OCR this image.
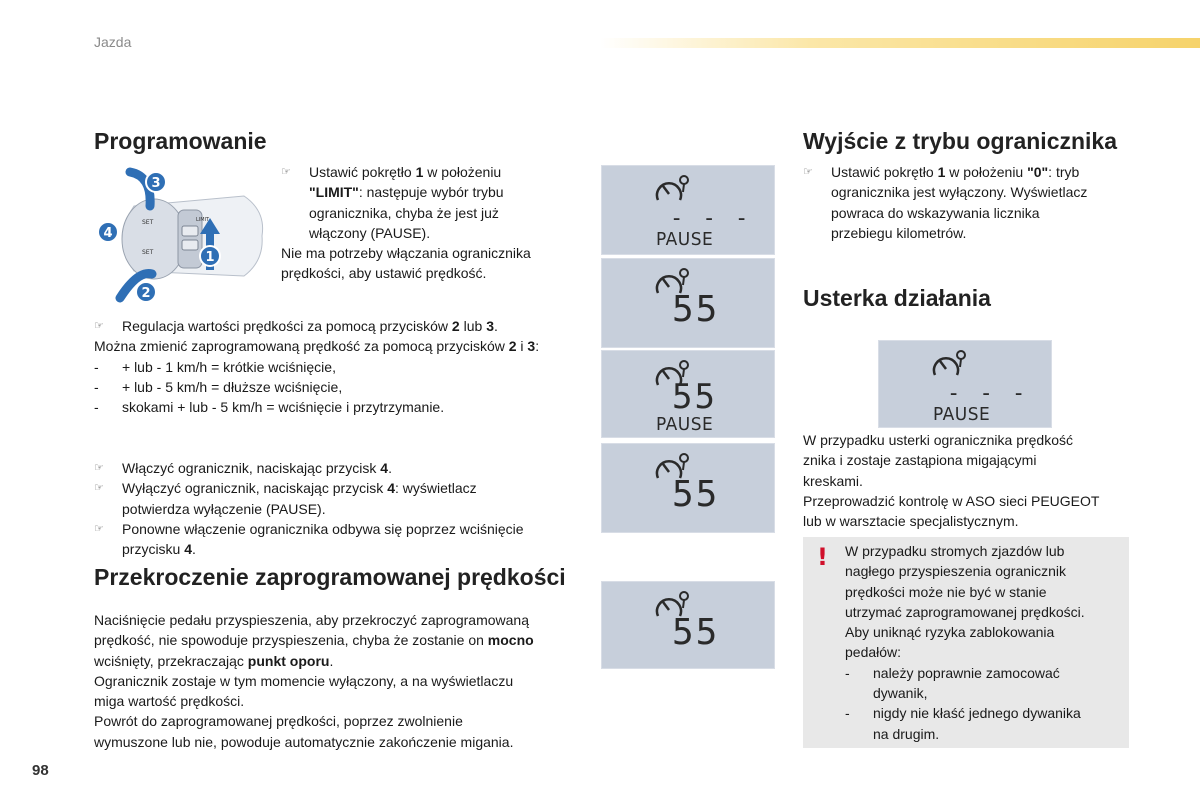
Jazda
Programowanie
SET
SET
LIMIT
3
4
2
1
☞ Ustawić pokrętło 1 w położeniu
"LIMIT": następuje wybór trybu
ogranicznika, chyba że jest już
włączony (PAUSE).

Nie ma potrzeby włączania ogranicznika
prędkości, aby ustawić prędkość.

☞ Regulacja wartości prędkości za pomocą przycisków 2 lub 3.

Można zmienić zaprogramowaną prędkość za pomocą przycisków 2 i 3:

- + lub - 1 km/h = krótkie wciśnięcie,
- + lub - 5 km/h = dłuższe wciśnięcie,
- skokami + lub - 5 km/h = wciśnięcie i przytrzymanie.
☞ Włączyć ogranicznik, naciskając przycisk 4.
☞ Wyłączyć ogranicznik, naciskając przycisk 4: wyświetlacz
potwierdza wyłączenie (PAUSE).
☞ Ponowne włączenie ogranicznika odbywa się poprzez wciśnięcie
przycisku 4.
Przekroczenie zaprogramowanej prędkości

Naciśnięcie pedału przyspieszenia, aby przekroczyć zaprogramowaną
prędkość, nie spowoduje przyspieszenia, chyba że zostanie on mocno
wciśnięty, przekraczając punkt oporu.
Ogranicznik zostaje w tym momencie wyłączony, a na wyświetlaczu
miga wartość prędkości.
Powrót do zaprogramowanej prędkości, poprzez zwolnienie
wymuszone lub nie, powoduje automatycznie zakończenie migania.

- - -
PAUSE
55
55
PAUSE
55
55
Wyjście z trybu ogranicznika
☞ Ustawić pokrętło 1 w położeniu "0": tryb
ogranicznika jest wyłączony. Wyświetlacz
powraca do wskazywania licznika
przebiegu kilometrów.
Usterka działania
- - -
PAUSE

W przypadku usterki ogranicznika prędkość
znika i zostaje zastąpiona migającymi
kreskami.
Przeprowadzić kontrolę w ASO sieci PEUGEOT
lub w warsztacie specjalistycznym.

! W przypadku stromych zjazdów lub
nagłego przyspieszenia ogranicznik
prędkości może nie być w stanie
utrzymać zaprogramowanej prędkości.
Aby uniknąć ryzyka zablokowania
pedałów:

- należy poprawnie zamocować
dywanik,
- nigdy nie kłaść jednego dywanika
na drugim.
98
